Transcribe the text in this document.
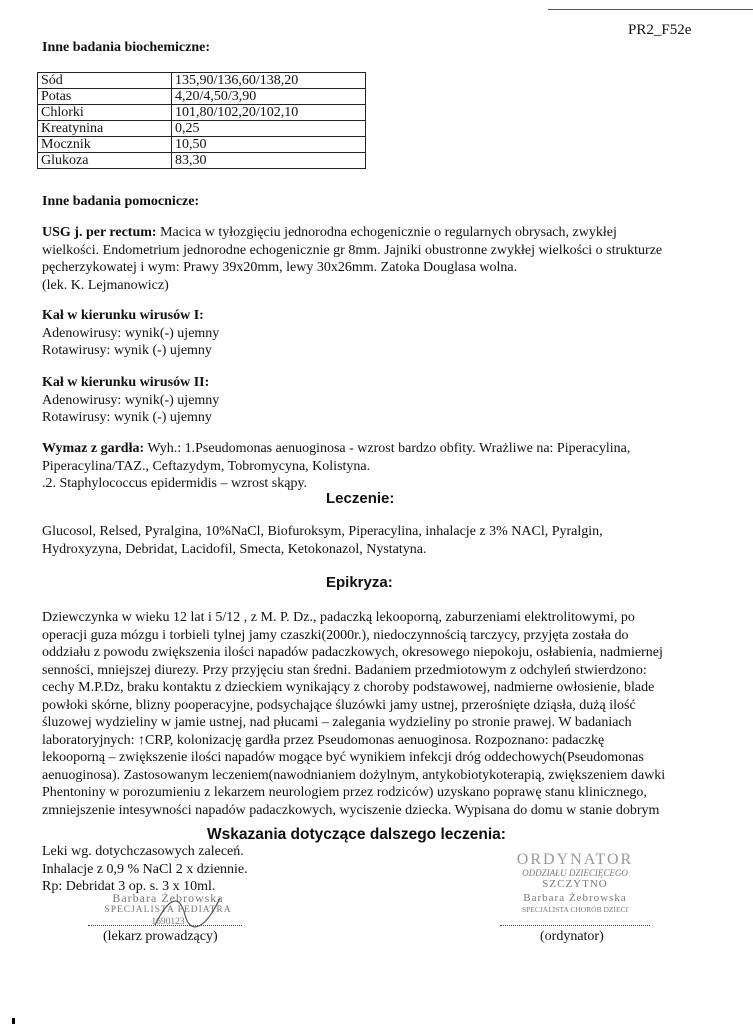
PR2_F52e
Inne badania biochemiczne:
Sód	135,90/136,60/138,20
Potas	4,20/4,50/3,90
Chlorki	101,80/102,20/102,10
Kreatynina	0,25
Mocznik	10,50
Glukoza	83,30
Inne badania pomocnicze:

USG j. per rectum: Macica w tyłozgięciu jednorodna echogenicznie o regularnych obrysach, zwykłej

wielkości. Endometrium jednorodne echogenicznie gr 8mm. Jajniki obustronne zwykłej wielkości o strukturze

pęcherzykowatej i wym: Prawy 39x20mm, lewy 30x26mm. Zatoka Douglasa wolna.

(lek. K. Lejmanowicz)

Kał w kierunku wirusów I:

Adenowirusy: wynik(-) ujemny

Rotawirusy: wynik (-) ujemny

Kał w kierunku wirusów II:

Adenowirusy: wynik(-) ujemny

Rotawirusy: wynik (-) ujemny

Wymaz z gardła: Wyh.: 1.Pseudomonas aenuoginosa - wzrost bardzo obfity. Wrażliwe na: Piperacylina,

Piperacylina/TAZ., Ceftazydym, Tobromycyna, Kolistyna.

.2. Staphylococcus epidermidis – wzrost skąpy.

Leczenie:

Glucosol, Relsed, Pyralgina, 10%NaCl, Biofuroksym, Piperacylina, inhalacje z 3% NACl, Pyralgin,

Hydroxyzyna, Debridat, Lacidofil, Smecta, Ketokonazol, Nystatyna.

Epikryza:

Dziewczynka w wieku 12 lat i 5/12 , z M. P. Dz., padaczką lekooporną, zaburzeniami elektrolitowymi, po

operacji guza mózgu i torbieli tylnej jamy czaszki(2000r.), niedoczynnością tarczycy, przyjęta została do

oddziału z powodu zwiększenia ilości napadów padaczkowych, okresowego niepokoju, osłabienia, nadmiernej

senności, mniejszej diurezy. Przy przyjęciu stan średni. Badaniem przedmiotowym z odchyleń stwierdzono:

cechy M.P.Dz, braku kontaktu z dzieckiem wynikający z choroby podstawowej, nadmierne owłosienie, blade

powłoki skórne, blizny pooperacyjne, podsychające śluzówki jamy ustnej, przerośnięte dziąsła, dużą ilość

śluzowej wydzieliny w jamie ustnej, nad płucami – zalegania wydzieliny po stronie prawej. W badaniach

laboratoryjnych: ↑CRP, kolonizację gardła przez Pseudomonas aenuoginosa. Rozpoznano: padaczkę

lekooporną – zwiększenie ilości napadów mogące być wynikiem infekcji dróg oddechowych(Pseudomonas

aenuoginosa). Zastosowanym leczeniem(nawodnianiem dożylnym, antykobiotykoterapią, zwiększeniem dawki

Phentoniny w porozumieniu z lekarzem neurologiem przez rodziców) uzyskano poprawę stanu klinicznego,

zmniejszenie intesywności napadów padaczkowych, wyciszenie dziecka. Wypisana do domu w stanie dobrym

Wskazania dotyczące dalszego leczenia:

Leki wg. dotychczasowych zaleceń.

Inhalacje z 0,9 % NaCl 2 x dziennie.

Rp: Debridat 3 op. s. 3 x 10ml.

Barbara Żebrowska
SPECJALISTA PEDIATRA
1690123
(lekarz prowadzący)
ORDYNATOR
ODDZIAŁU DZIECIĘCEGO
SZCZYTNO
Barbara Żebrowska
SPECJALISTA CHORÓB DZIECI
(ordynator)
